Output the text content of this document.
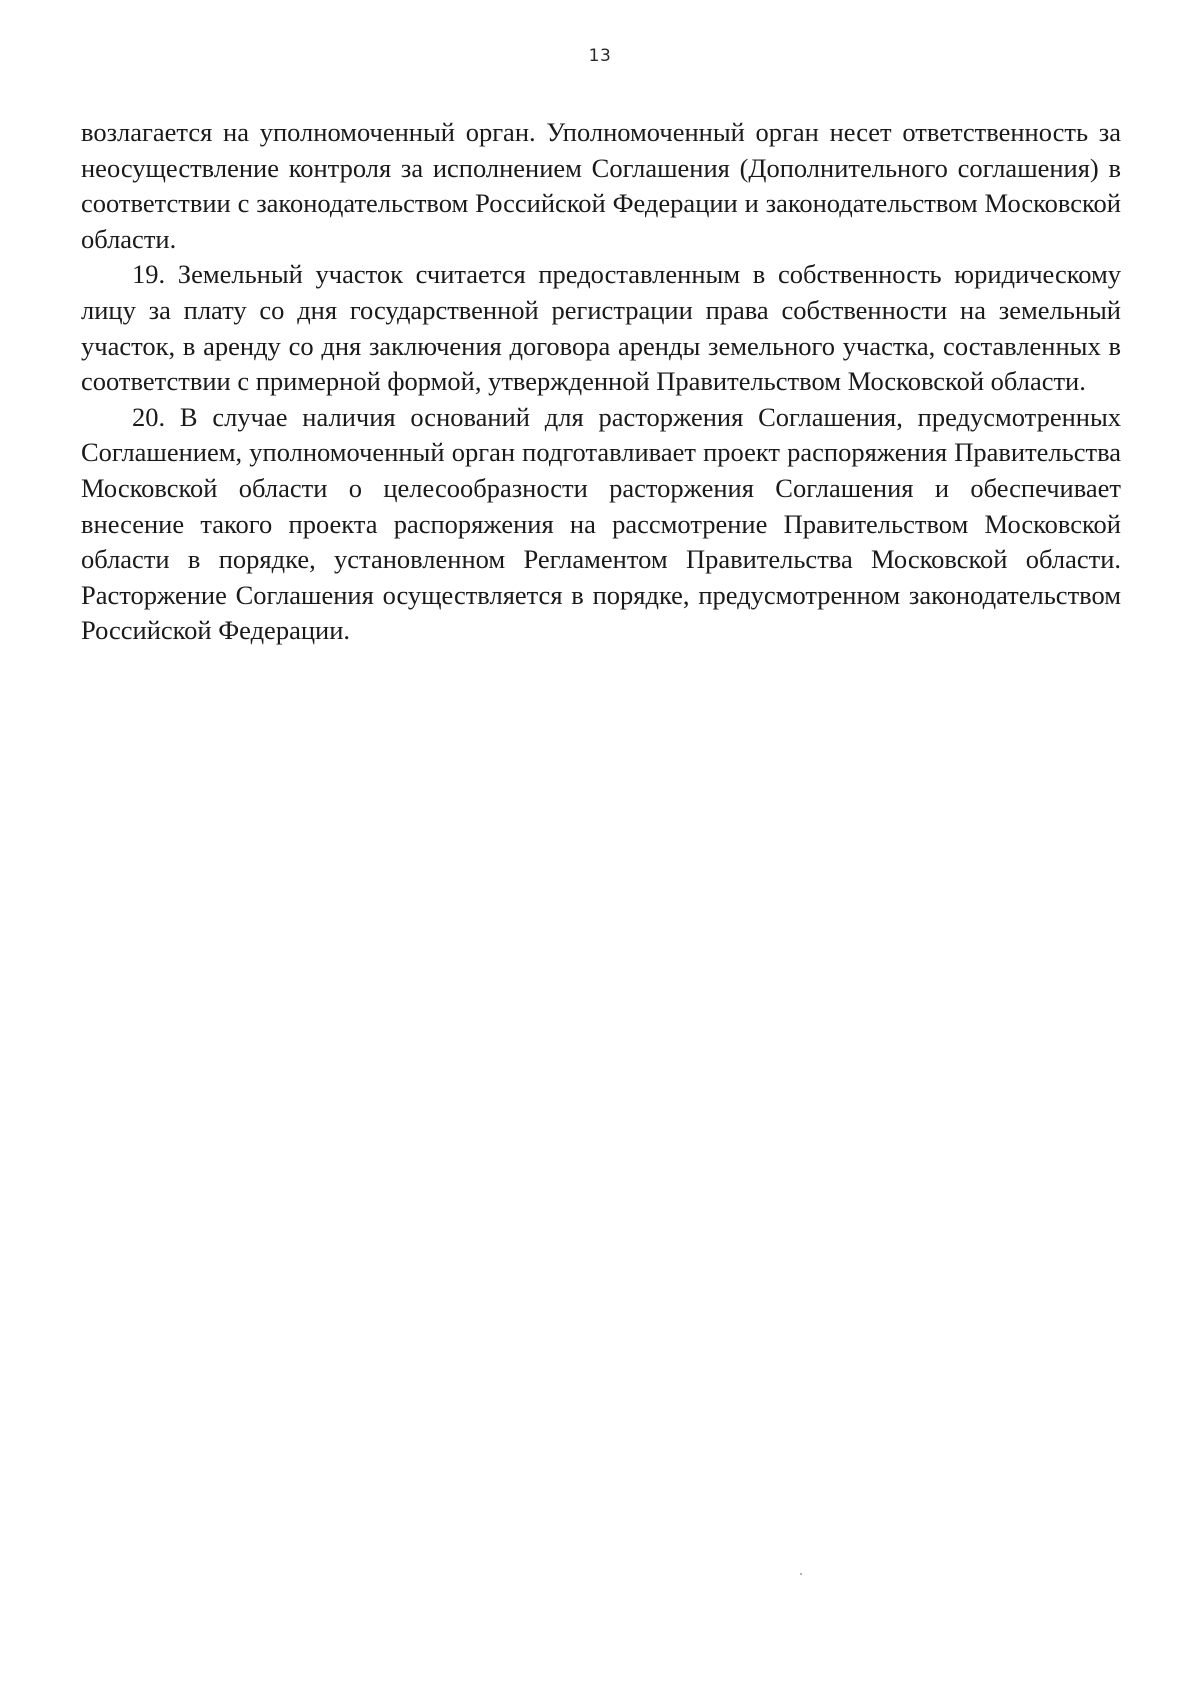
13

возлагается на уполномоченный орган. Уполномоченный орган несет ответственность за неосуществление контроля за исполнением Соглашения (Дополнительного соглашения) в соответствии с законодательством Российской Федерации и законодательством Московской области.

19. Земельный участок считается предоставленным в собственность юридическому лицу за плату со дня государственной регистрации права собственности на земельный участок, в аренду со дня заключения договора аренды земельного участка, составленных в соответствии с примерной формой, утвержденной Правительством Московской области.

20. В случае наличия оснований для расторжения Соглашения, предусмотренных Соглашением, уполномоченный орган подготавливает проект распоряжения Правительства Московской области о целесообразности расторжения Соглашения и обеспечивает внесение такого проекта распоряжения на рассмотрение Правительством Московской области в порядке, установленном Регламентом Правительства Московской области. Расторжение Соглашения осуществляется в порядке, предусмотренном законодательством Российской Федерации.
